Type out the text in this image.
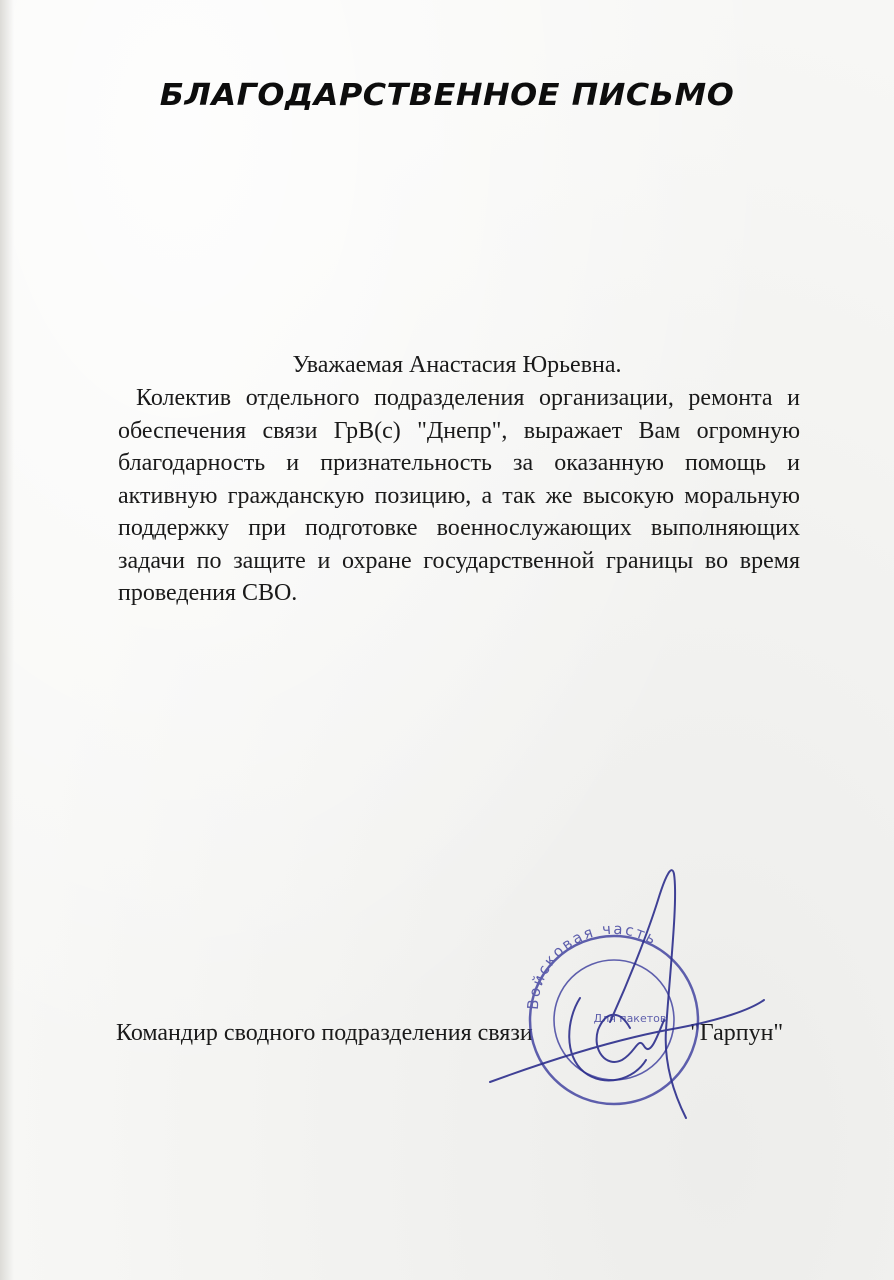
БЛАГОДАРСТВЕННОЕ ПИСЬМО
Уважаемая Анастасия Юрьевна.

Колектив отдельного подразделения организации, ремонта и обеспечения связи ГрВ(с) "Днепр", выражает Вам огромную благодарность и признательность за оказанную помощь и активную гражданскую позицию, а так же высокую моральную поддержку при подготовке военнослужающих выполняющих задачи по защите и охране государственной границы во время проведения СВО.

Командир сводного подразделения связи	"Гарпун"
Войсковая часть
Для пакетов
